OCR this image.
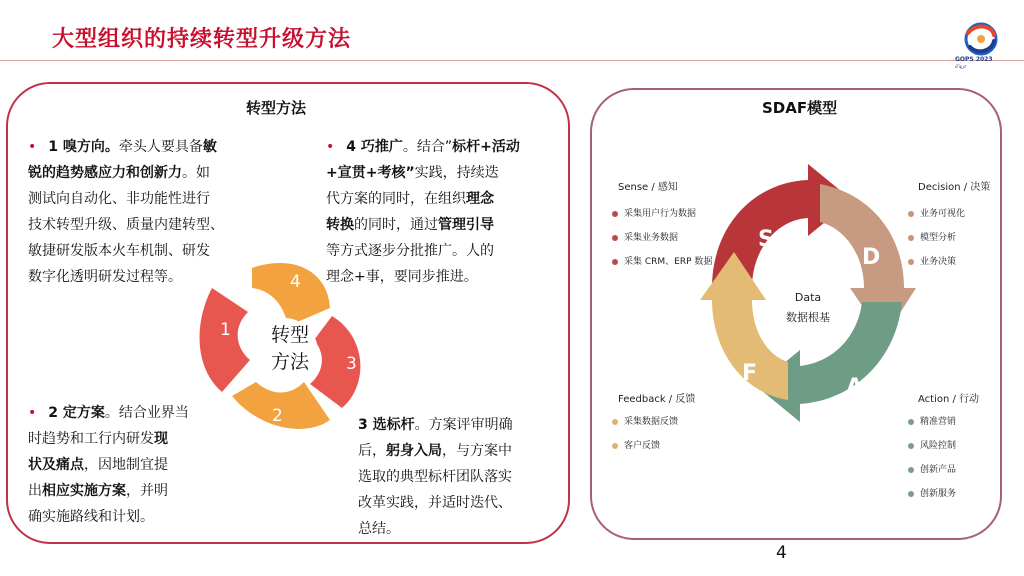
大型组织的持续转型升级方法
GOPS 2023
ⅆ͡ ⱷ͟ ⅆ
转型方法
• 1 嗅方向。牵头人要具备敏
锐的趋势感应力和创新力。如
测试向自动化、非功能性进行
技术转型升级、质量内建转型、
敏捷研发版本火车机制、研发
数字化透明研发过程等。
• 4 巧推广。结合”标杆+活动
+宣贯+考核”实践，持续迭
代方案的同时，在组织理念
转换的同时，通过管理引导
等方式逐步分批推广。人的
理念+事，要同步推进。
• 2 定方案。结合业界当
时趋势和工行内研发现
状及痛点，因地制宜提
出相应实施方案，并明
确实施路线和计划。
3 选标杆。方案评审明确
后，躬身入局，与方案中
选取的典型标杆团队落实
改革实践，并适时迭代、
总结。
4
1
3
2
转型
方法
SDAF模型
S
D
A
F
Data
数据根基
Sense / 感知
采集用户行为数据
采集业务数据
采集 CRM、ERP 数据
Decision / 决策
业务可视化
模型分析
业务决策
Feedback / 反馈
采集数据反馈
客户反馈
Action / 行动
精准营销
风险控制
创新产品
创新服务
4
